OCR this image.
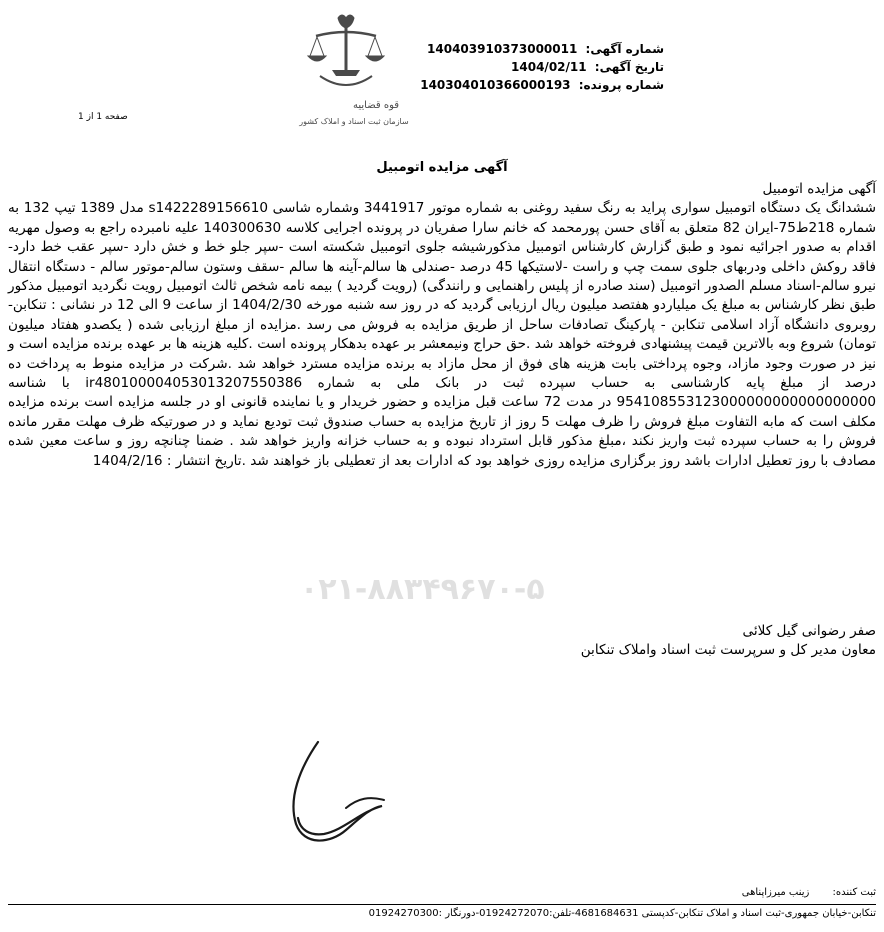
شماره آگهی: 140403910373000011
تاریخ آگهی: 1404/02/11
شماره پرونده: 140304010366000193
قوه قضاییه
سازمان ثبت اسناد و املاک کشور
صفحه 1 از 1
آگهی مزایده اتومبیل

آگهی مزایده اتومبیل

ششدانگ یک دستگاه اتومبیل سواری پراید به رنگ سفید روغنی به شماره موتور 3441917 وشماره شاسی s1422289156610 مدل 1389 تیپ 132 به شماره 218ط75-ایران 82 متعلق به آقای حسن پورمحمد که خانم سارا صفریان در پرونده اجرایی کلاسه 140300630 علیه نامبرده راجع به وصول مهریه اقدام به صدور اجرائیه نمود و طبق گزارش کارشناس اتومبیل مذکورشیشه جلوی اتومبیل شکسته است -سپر جلو خط و خش دارد -سپر عقب خط دارد- فاقد روکش داخلی ودربهای جلوی سمت چپ و راست -لاستیکها 45 درصد -صندلی ها سالم-آینه ها سالم -سقف وستون سالم-موتور سالم - دستگاه انتقال نیرو سالم-اسناد مسلم الصدور اتومبیل (سند صادره از پلیس راهنمایی و رانندگی) (رویت گردید ) بیمه نامه شخص ثالث اتومبیل رویت نگردید اتومبیل مذکور طبق نظر کارشناس به مبلغ یک میلیاردو هفتصد میلیون ریال ارزیابی گردید که در روز سه شنبه مورخه 1404/2/30 از ساعت 9 الی 12 در نشانی : تنکابن-روبروی دانشگاه آزاد اسلامی تنکابن - پارکینگ تصادفات ساحل از طریق مزایده به فروش می رسد .مزایده از مبلغ ارزیابی شده ( یکصدو هفتاد میلیون تومان) شروع وبه بالاترین قیمت پیشنهادی فروخته خواهد شد .حق حراج ونیمعشر بر عهده بدهکار پرونده است .کلیه هزینه ها بر عهده برنده مزایده است و نیز در صورت وجود مازاد، وجوه پرداختی بابت هزینه های فوق از محل مازاد به برنده مزایده مسترد خواهد شد .شرکت در مزایده منوط به پرداخت ده درصد از مبلغ پایه کارشناسی به حساب سپرده ثبت در بانک ملی به شماره ir480100004053013207550386 با شناسه 954108553123000000000000000000 در مدت 72 ساعت قبل مزایده و حضور خریدار و یا نماینده قانونی او در جلسه مزایده است برنده مزایده مکلف است که مابه التفاوت مبلغ فروش را ظرف مهلت 5 روز از تاریخ مزایده به حساب صندوق ثبت تودیع نماید و در صورتیکه ظرف مهلت مقرر مانده فروش را به حساب سپرده ثبت واریز نکند ،مبلغ مذکور قابل استرداد نبوده و به حساب خزانه واریز خواهد شد . ضمنا چنانچه روز و ساعت معین شده مصادف با روز تعطیل ادارات باشد روز برگزاری مزایده روزی خواهد بود که ادارات بعد از تعطیلی باز خواهند شد .تاریخ انتشار : 1404/2/16

۰۲۱-۸۸۳۴۹۶۷۰-۵
صفر رضوانی گیل کلائی
معاون مدیر کل و سرپرست ثبت اسناد واملاک تنکابن
ثبت کننده: زینب میرزاپناهی
تنکابن-خیابان جمهوری-ثبت اسناد و املاک تنکابن-کدپستی 4681684631-تلفن:01924272070-دورنگار :01924270300
